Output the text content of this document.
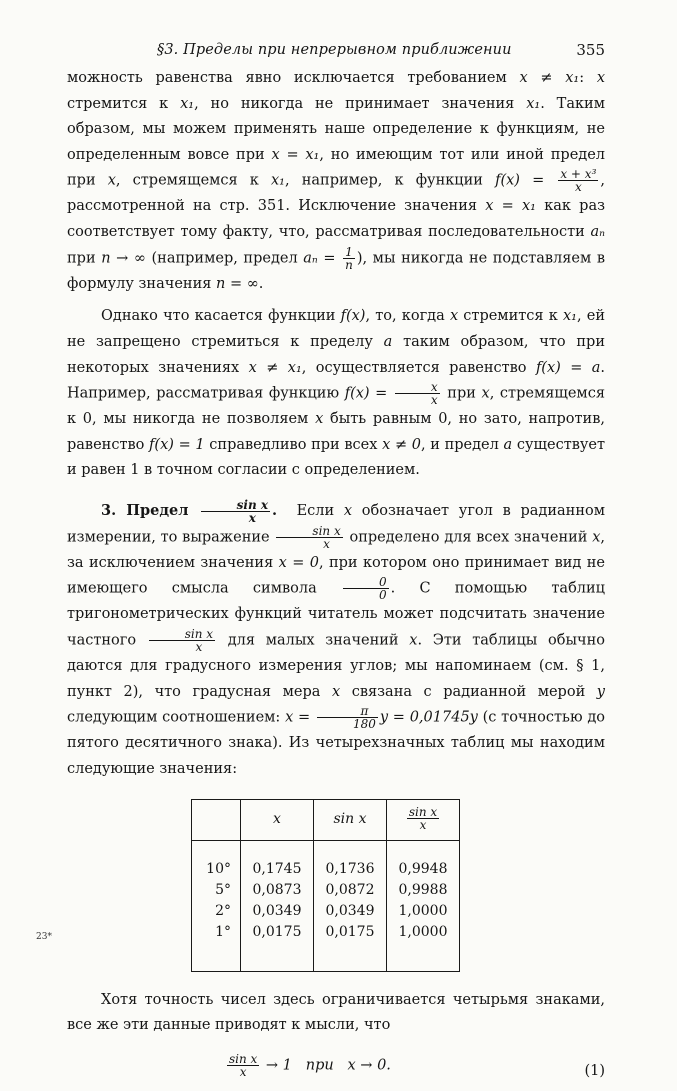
§3. Пределы при непрерывном приближении	355

можность равенства явно исключается требованием x ≠ x₁: x стремится к x₁, но никогда не принимает значения x₁. Таким образом, мы можем применять наше определение к функциям, не определенным вовсе при x = x₁, но имеющим тот или иной предел при x, стремящемся к x₁, например, к функции $f(x) = \frac{\text{x + x³}}{x}$ , рассмотренной на стр. 351. Исключение значения x = x₁ как раз соответствует тому факту, что, рассматривая последовательности aₙ при n → ∞ (например, предел $a_n = \frac{1}{n}$ ), мы никогда не подставляем в формулу значения n = ∞.

Однако что касается функции f(x), то, когда x стремится к x₁, ей не запрещено стремиться к пределу a таким образом, что при некоторых значениях x ≠ x₁, осуществляется равенство f(x) = a. Например, рассматривая функцию $f(x) = \frac{x}{x}$ при x, стремящемся к 0, мы никогда не позволяем x быть равным 0, но зато, напротив, равенство f(x) = 1 справедливо при всех x ≠ 0, и предел a существует и равен 1 в точном согласии с определением.

3. Предел $\frac{\text{sin x}}{x}$ . Если x обозначает угол в радианном измерении, то выражение $\frac{\text{sin x}}{x}$ определено для всех значений x, за исключением значения x = 0, при котором оно принимает вид не имеющего смысла символа $\frac{0}{0}$ . С помощью таблиц тригонометрических функций читатель может подсчитать значение частного $\frac{\text{sin x}}{x}$ для малых значений x. Эти таблицы обычно даются для градусного измерения углов; мы напоминаем (см. § 1, пункт 2), что градусная мера x связана с радианной мерой y следующим соотношением: $x = \frac{\pi}{180}$ y = 0,01745y (с точностью до пятого десятичного знака). Из четырехзначных таблиц мы находим следующие значения:

	x	sin x	$\frac{\text{sin x}}{x}$

10°	0,1745	0,1736	0,9948
5°	0,0873	0,0872	0,9988
2°	0,0349	0,0349	1,0000
1°	0,0175	0,0175	1,0000

Хотя точность чисел здесь ограничивается четырьмя знаками, все же эти данные приводят к мысли, что

$\frac{\text{sin x}}{x} \to 1$   при   x → 0.	(1)
23*
